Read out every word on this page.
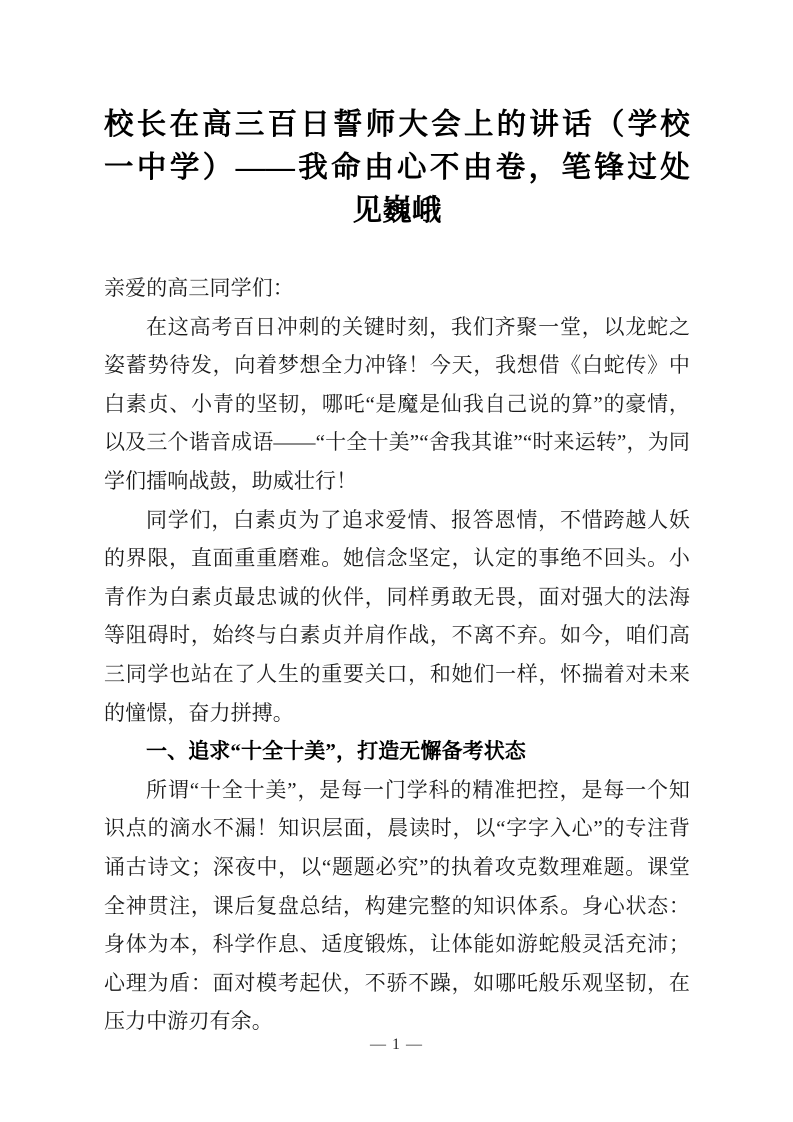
校长在高三百日誓师大会上的讲话（学校
一中学）——我命由心不由卷，笔锋过处
见巍峨

亲爱的高三同学们：

在这高考百日冲刺的关键时刻，我们齐聚一堂，以龙蛇之姿蓄势待发，向着梦想全力冲锋！今天，我想借《白蛇传》中白素贞、小青的坚韧，哪吒“是魔是仙我自己说的算”的豪情，以及三个谐音成语——“十全十美”“舍我其谁”“时来运转”，为同学们擂响战鼓，助威壮行！

同学们，白素贞为了追求爱情、报答恩情，不惜跨越人妖的界限，直面重重磨难。她信念坚定，认定的事绝不回头。小青作为白素贞最忠诚的伙伴，同样勇敢无畏，面对强大的法海等阻碍时，始终与白素贞并肩作战，不离不弃。如今，咱们高三同学也站在了人生的重要关口，和她们一样，怀揣着对未来的憧憬，奋力拼搏。

一、追求“十全十美”，打造无懈备考状态

所谓“十全十美”，是每一门学科的精准把控，是每一个知识点的滴水不漏！知识层面，晨读时，以“字字入心”的专注背诵古诗文；深夜中，以“题题必究”的执着攻克数理难题。课堂全神贯注，课后复盘总结，构建完整的知识体系。身心状态：身体为本，科学作息、适度锻炼，让体能如游蛇般灵活充沛；心理为盾：面对模考起伏，不骄不躁，如哪吒般乐观坚韧，在压力中游刃有余。

— 1 —
